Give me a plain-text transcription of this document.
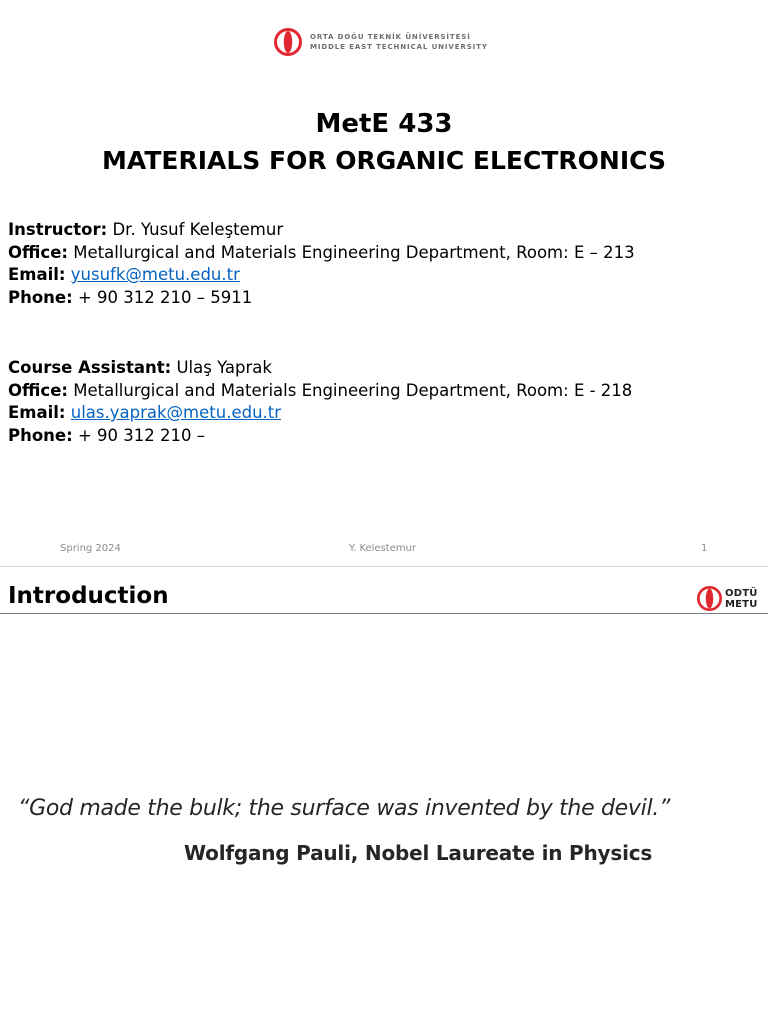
ORTA DOĞU TEKNİK ÜNİVERSİTESİ
MIDDLE EAST TECHNICAL UNIVERSITY
MetE 433
MATERIALS FOR ORGANIC ELECTRONICS
Instructor: Dr. Yusuf Keleştemur
Office: Metallurgical and Materials Engineering Department, Room: E – 213
Email: yusufk@metu.edu.tr
Phone: + 90 312 210 – 5911
Course Assistant: Ulaş Yaprak
Office: Metallurgical and Materials Engineering Department, Room: E - 218
Email: ulas.yaprak@metu.edu.tr
Phone: + 90 312 210 –
Spring 2024	Y. Kelestemur	1
Introduction	ODTÜ
METU
“God made the bulk; the surface was invented by the devil.”
Wolfgang Pauli, Nobel Laureate in Physics
